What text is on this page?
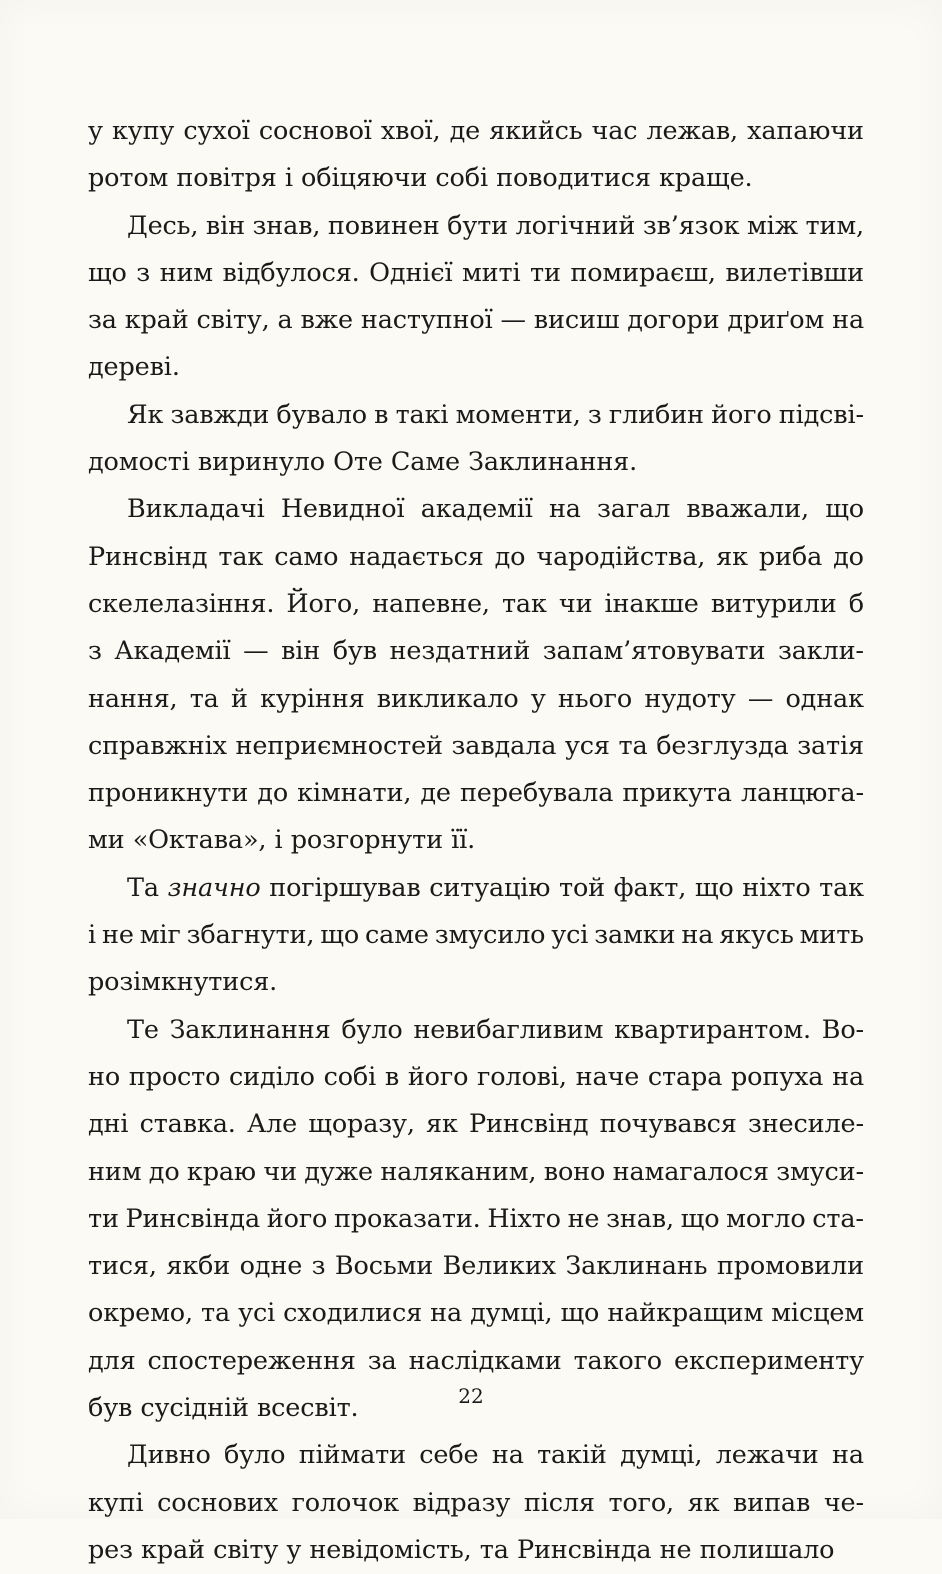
у купу сухої соснової хвої, де якийсь час лежав, хапаючи
ротом повітря і обіцяючи собі поводитися краще.
Десь, він знав, повинен бути логічний зв’язок між тим,
що з ним відбулося. Однієї миті ти помираєш, вилетівши
за край світу, а вже наступної — висиш догори дриґом на
дереві.
Як завжди бувало в такі моменти, з глибин його підсві-
домості виринуло Оте Саме Заклинання.
Викладачі Невидної академії на загал вважали, що
Ринсвінд так само надається до чародійства, як риба до
скелелазіння. Його, напевне, так чи інакше витурили б
з Академії — він був нездатний запам’ятовувати закли-
нання, та й куріння викликало у нього нудоту — однак
справжніх неприємностей завдала уся та безглузда затія
проникнути до кімнати, де перебувала прикута ланцюга-
ми «Октава», і розгорнути її.
Та значно погіршував ситуацію той факт, що ніхто так
і не міг збагнути, що саме змусило усі замки на якусь мить
розімкнутися.
Те Заклинання було невибагливим квартирантом. Во-
но просто сиділо собі в його голові, наче стара ропуха на
дні ставка. Але щоразу, як Ринсвінд почувався знесиле-
ним до краю чи дуже наляканим, воно намагалося змуси-
ти Ринсвінда його проказати. Ніхто не знав, що могло ста-
тися, якби одне з Восьми Великих Заклинань промовили
окремо, та усі сходилися на думці, що найкращим місцем
для спостереження за наслідками такого експерименту
був сусідній всесвіт.
Дивно було піймати себе на такій думці, лежачи на
купі соснових голочок відразу після того, як випав че-
рез край світу у невідомість, та Ринсвінда не полишало
22
